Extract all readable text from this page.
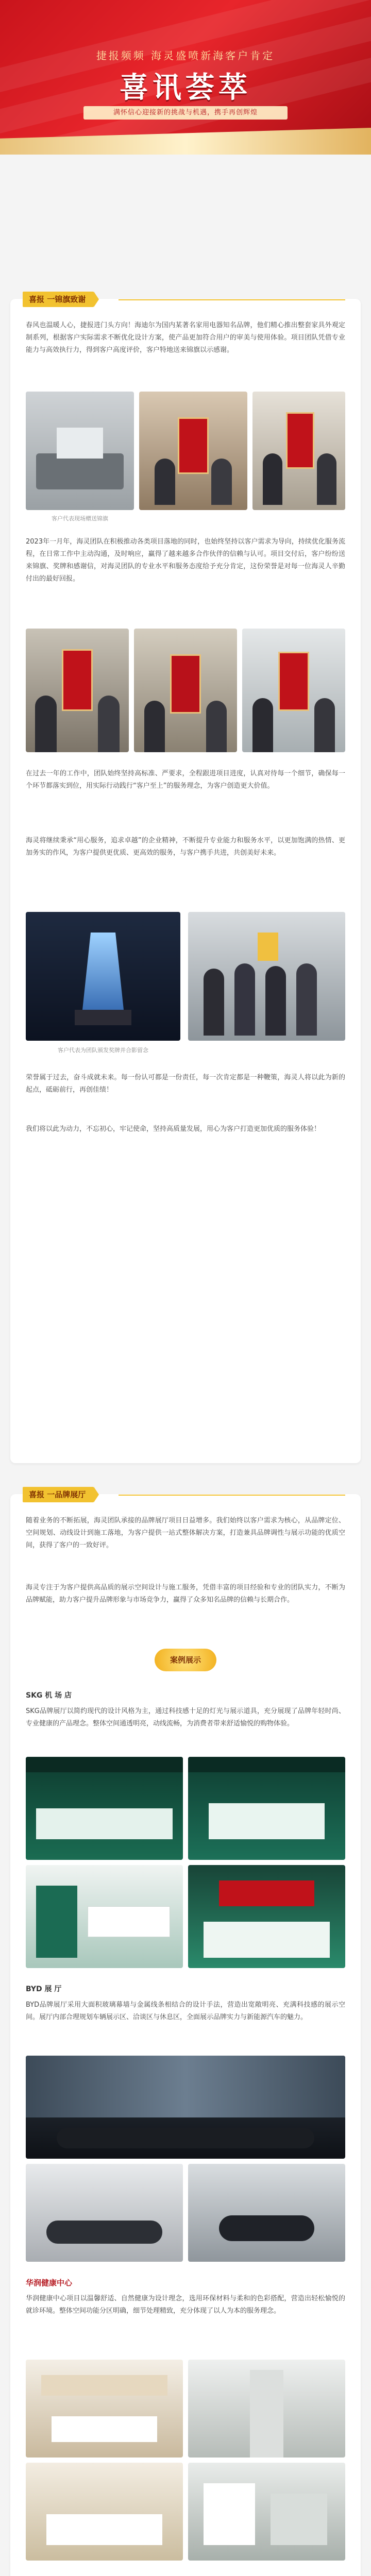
捷报频频 海灵盛喷新海客户肯定
喜讯荟萃
满怀信心迎接新的挑战与机遇，携手再创辉煌
喜报 一锦旗致谢

春风也温暖人心，捷报进门头方向！海迪尔为国内某著名家用电器知名品牌，他们精心推出整套家具外观定制系列，根据客户实际需求不断优化设计方案，使产品更加符合用户的审美与使用体验。项目团队凭借专业能力与高效执行力，得到客户高度评价，客户特地送来锦旗以示感谢。

客户代表现场赠送锦旗

2023年一月年，海灵团队在积极推动各类项目落地的同时，也始终坚持以客户需求为导向，持续优化服务流程，在日常工作中主动沟通，及时响应，赢得了越来越多合作伙伴的信赖与认可。项目交付后，客户纷纷送来锦旗、奖牌和感谢信，对海灵团队的专业水平和服务态度给予充分肯定，这份荣誉是对每一位海灵人辛勤付出的最好回报。

在过去一年的工作中，团队始终坚持高标准、严要求，全程跟进项目进度，认真对待每一个细节，确保每一个环节都落实到位，用实际行动践行“客户至上”的服务理念，为客户创造更大价值。

海灵将继续秉承“用心服务，追求卓越”的企业精神，不断提升专业能力和服务水平，以更加饱满的热情、更加务实的作风，为客户提供更优质、更高效的服务，与客户携手共进，共创美好未来。

客户代表为团队颁发奖牌并合影留念

荣誉属于过去，奋斗成就未来。每一份认可都是一份责任，每一次肯定都是一种鞭策，海灵人将以此为新的起点，砥砺前行，再创佳绩！

我们将以此为动力，不忘初心，牢记使命，坚持高质量发展，用心为客户打造更加优质的服务体验！

喜报 一品牌展厅

随着业务的不断拓展，海灵团队承接的品牌展厅项目日益增多。我们始终以客户需求为核心，从品牌定位、空间规划、动线设计到施工落地，为客户提供一站式整体解决方案，打造兼具品牌调性与展示功能的优质空间，获得了客户的一致好评。

海灵专注于为客户提供高品质的展示空间设计与施工服务，凭借丰富的项目经验和专业的团队实力，不断为品牌赋能，助力客户提升品牌形象与市场竞争力，赢得了众多知名品牌的信赖与长期合作。

案例展示
SKG 机 场 店

SKG品牌展厅以简约现代的设计风格为主，通过科技感十足的灯光与展示道具，充分展现了品牌年轻时尚、专业健康的产品理念。整体空间通透明亮，动线流畅，为消费者带来舒适愉悦的购物体验。

BYD 展 厅

BYD品牌展厅采用大面积玻璃幕墙与金属线条相结合的设计手法，营造出宽敞明亮、充满科技感的展示空间。展厅内部合理规划车辆展示区、洽谈区与休息区，全面展示品牌实力与新能源汽车的魅力。

华润健康中心

华润健康中心项目以温馨舒适、自然健康为设计理念，选用环保材料与柔和的色彩搭配，营造出轻松愉悦的就诊环境。整体空间功能分区明确，细节处理精致，充分体现了以人为本的服务理念。
